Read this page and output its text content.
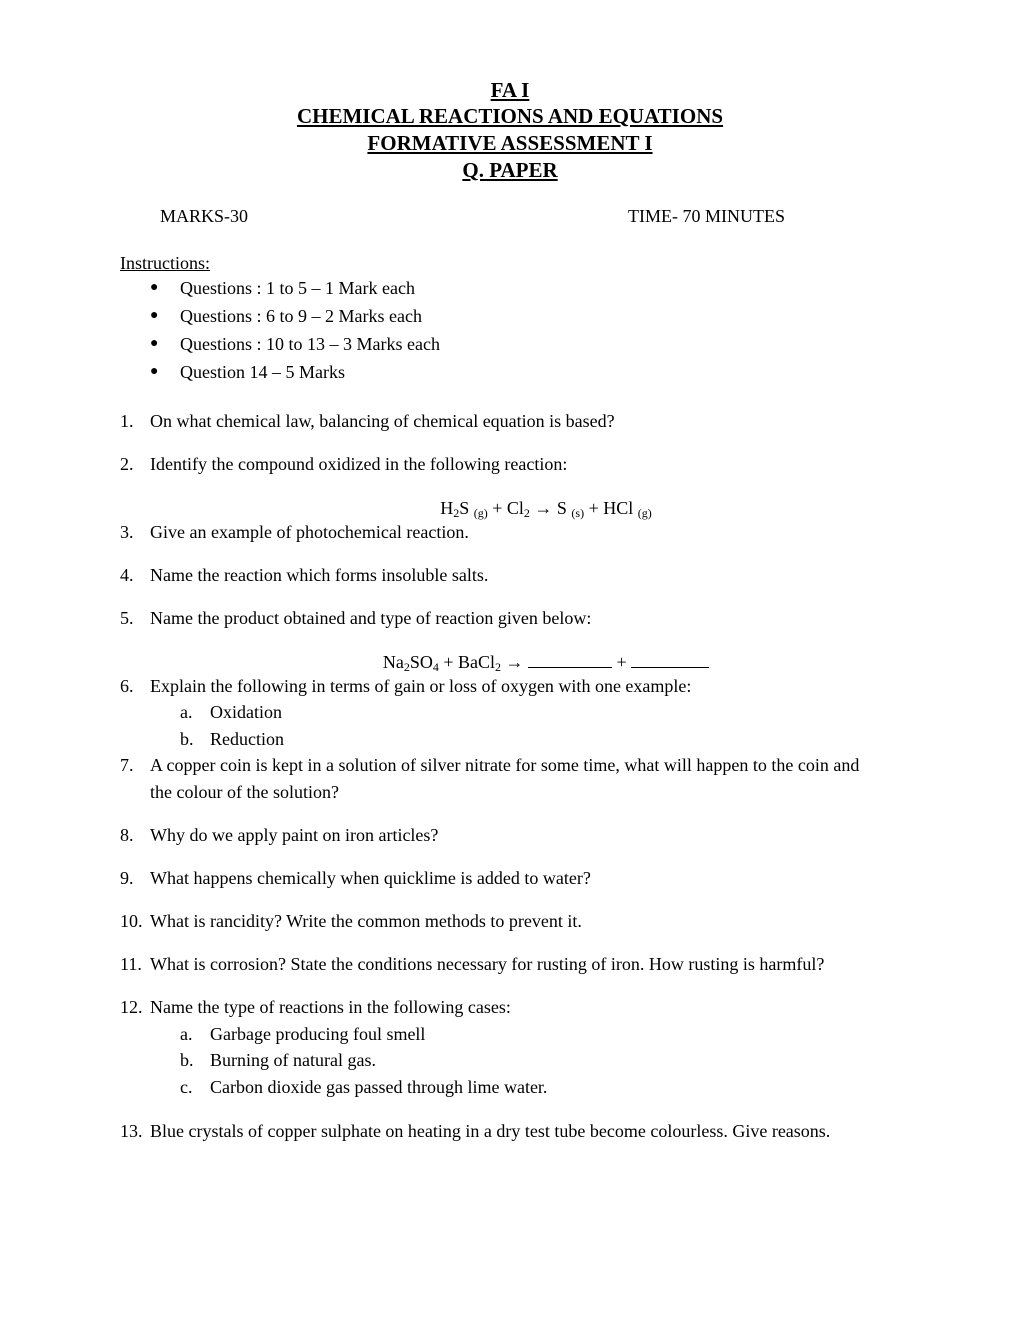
FA I
CHEMICAL REACTIONS AND EQUATIONS
FORMATIVE ASSESSMENT I
Q. PAPER
MARKS-30	TIME- 70 MINUTES
Instructions:
● Questions : 1 to 5 – 1 Mark each
● Questions : 6 to 9 – 2 Marks each
● Questions : 10 to 13 – 3 Marks each
● Question 14 – 5 Marks
1. On what chemical law, balancing of chemical equation is based?
2. Identify the compound oxidized in the following reaction:
$H_2S$ $_{(g)} + Cl_2 \to S$ $_{(s)}$ + HCl $_{(g)}$
3. Give an example of photochemical reaction.
4. Name the reaction which forms insoluble salts.
5. Name the product obtained and type of reaction given below:
$Na_2SO_4$ + BaCl$_2$ →	+
6. Explain the following in terms of gain or loss of oxygen with one example:
a. Oxidation
b. Reduction
7. A copper coin is kept in a solution of silver nitrate for some time, what will happen to the coin and
the colour of the solution?
8. Why do we apply paint on iron articles?
9. What happens chemically when quicklime is added to water?
10. What is rancidity? Write the common methods to prevent it.
11. What is corrosion? State the conditions necessary for rusting of iron. How rusting is harmful?
12. Name the type of reactions in the following cases:
a. Garbage producing foul smell
b. Burning of natural gas.
c. Carbon dioxide gas passed through lime water.
13. Blue crystals of copper sulphate on heating in a dry test tube become colourless. Give reasons.
